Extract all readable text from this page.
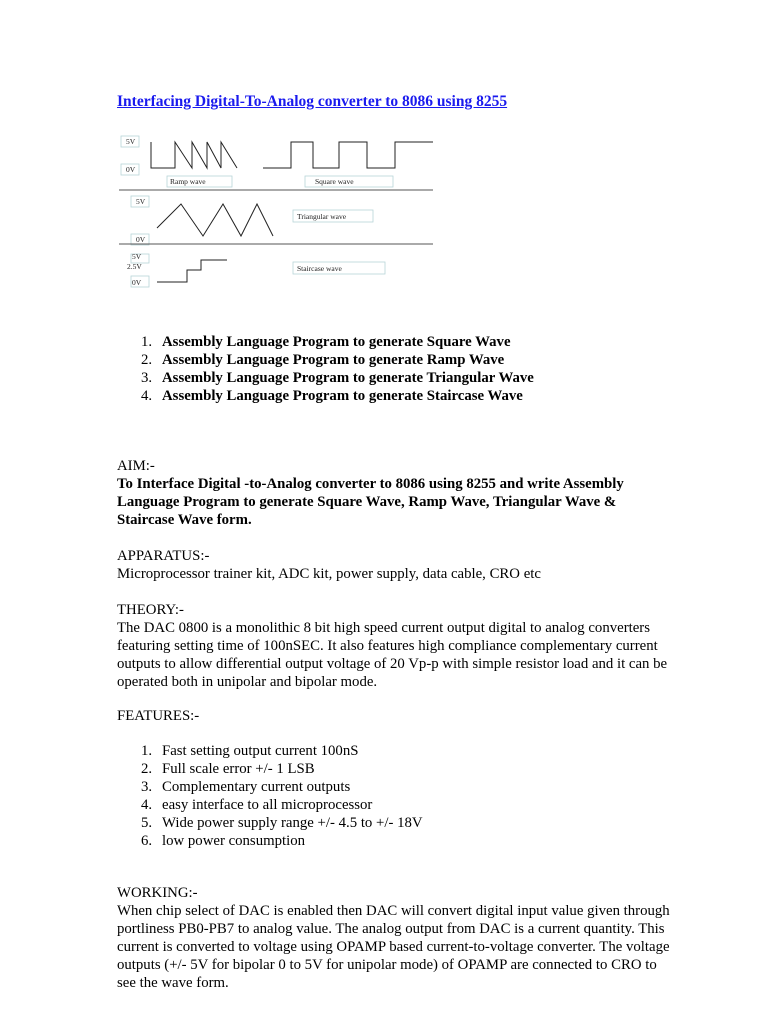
Interfacing Digital-To-Analog converter to 8086 using 8255
5V
0V
Ramp wave	Square wave
5V
0V
Triangular wave
5V
2.5V	Staircase wave
0V
1. Assembly Language Program to generate Square Wave
2. Assembly Language Program to generate Ramp Wave
3. Assembly Language Program to generate Triangular Wave
4. Assembly Language Program to generate Staircase Wave
AIM:-
To Interface Digital -to-Analog converter to 8086 using 8255 and write Assembly Language Program to generate Square Wave, Ramp Wave, Triangular Wave & Staircase Wave form.
APPARATUS:-
Microprocessor trainer kit, ADC kit, power supply, data cable, CRO etc
THEORY:-
The DAC 0800 is a monolithic 8 bit high speed current output digital to analog converters featuring setting time of 100nSEC. It also features high compliance complementary current outputs to allow differential output voltage of 20 Vp-p with simple resistor load and it can be operated both in unipolar and bipolar mode.
FEATURES:-
1. Fast setting output current 100nS
2. Full scale error +/- 1 LSB
3. Complementary current outputs
4. easy interface to all microprocessor
5. Wide power supply range +/- 4.5 to +/- 18V
6. low power consumption
WORKING:-
When chip select of DAC is enabled then DAC will convert digital input value given through portliness PB0-PB7 to analog value. The analog output from DAC is a current quantity. This current is converted to voltage using OPAMP based current-to-voltage converter. The voltage outputs (+/- 5V for bipolar 0 to 5V for unipolar mode) of OPAMP are connected to CRO to see the wave form.
